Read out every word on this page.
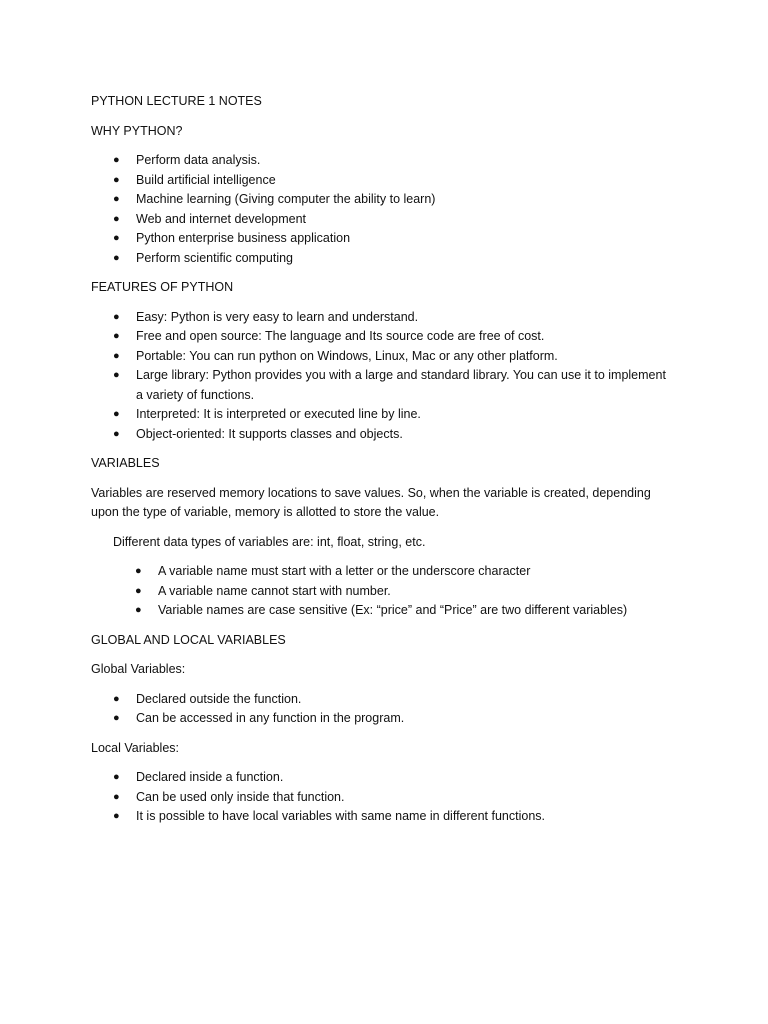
PYTHON LECTURE 1 NOTES

WHY PYTHON?

● Perform data analysis.
● Build artificial intelligence
● Machine learning (Giving computer the ability to learn)
● Web and internet development
● Python enterprise business application
● Perform scientific computing

FEATURES OF PYTHON

● Easy: Python is very easy to learn and understand.
● Free and open source: The language and Its source code are free of cost.
● Portable: You can run python on Windows, Linux, Mac or any other platform.
● Large library: Python provides you with a large and standard library. You can use it to implement
a variety of functions.
● Interpreted: It is interpreted or executed line by line.
● Object-oriented: It supports classes and objects.

VARIABLES

Variables are reserved memory locations to save values. So, when the variable is created, depending

upon the type of variable, memory is allotted to store the value.

Different data types of variables are: int, float, string, etc.

● A variable name must start with a letter or the underscore character
● A variable name cannot start with number.
● Variable names are case sensitive (Ex: “price” and “Price” are two different variables)

GLOBAL AND LOCAL VARIABLES

Global Variables:

● Declared outside the function.
● Can be accessed in any function in the program.

Local Variables:

● Declared inside a function.
● Can be used only inside that function.
● It is possible to have local variables with same name in different functions.
